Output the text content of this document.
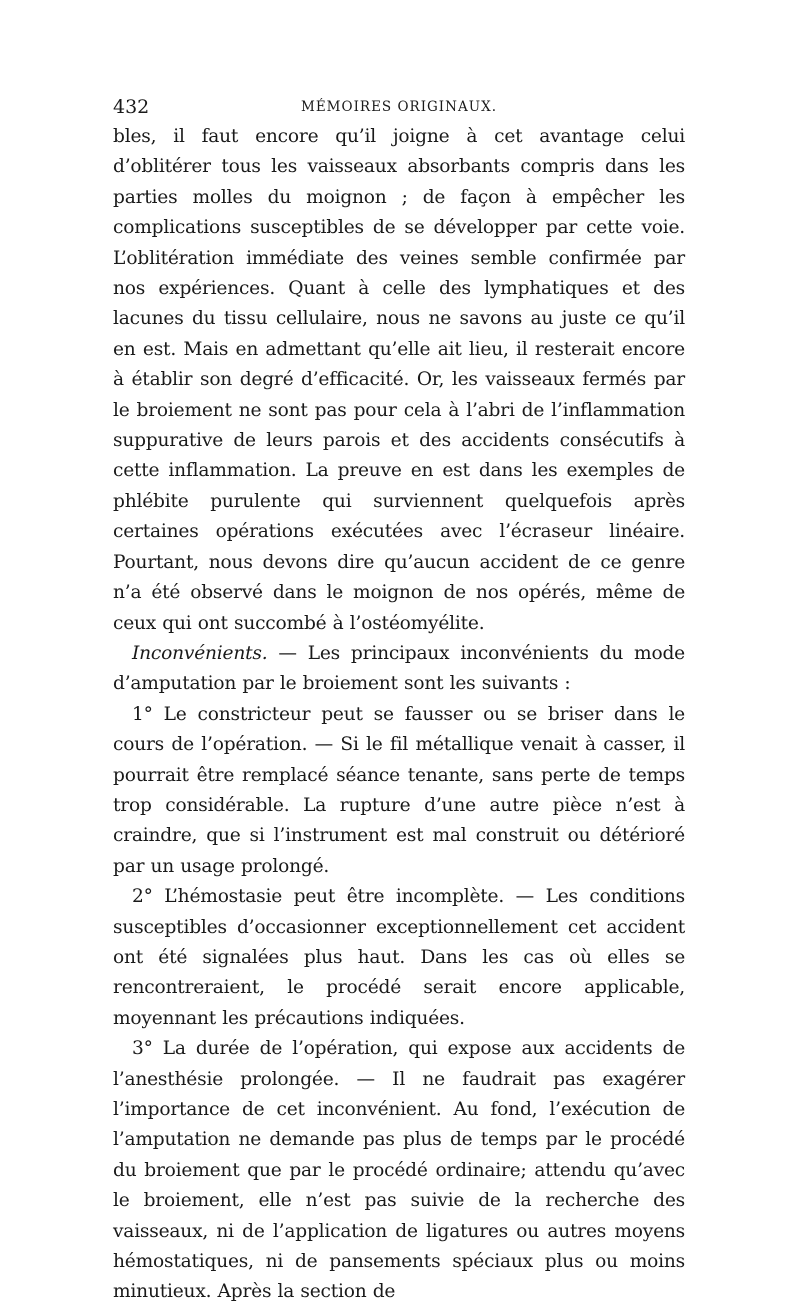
432	MÉMOIRES ORIGINAUX.

bles, il faut encore qu’il joigne à cet avantage celui d’oblitérer tous les vaisseaux absorbants compris dans les parties molles du moignon ; de façon à empêcher les complications susceptibles de se développer par cette voie. L’oblitération immédiate des veines semble confirmée par nos expériences. Quant à celle des lymphatiques et des lacunes du tissu cellulaire, nous ne savons au juste ce qu’il en est. Mais en admettant qu’elle ait lieu, il resterait encore à établir son degré d’efficacité. Or, les vaisseaux fermés par le broiement ne sont pas pour cela à l’abri de l’inflammation suppurative de leurs parois et des accidents consécutifs à cette inflammation. La preuve en est dans les exemples de phlébite purulente qui surviennent quelquefois après certaines opérations exécutées avec l’écraseur linéaire. Pourtant, nous devons dire qu’aucun accident de ce genre n’a été observé dans le moignon de nos opérés, même de ceux qui ont succombé à l’ostéomyélite.

Inconvénients. — Les principaux inconvénients du mode d’amputation par le broiement sont les suivants :

1° Le constricteur peut se fausser ou se briser dans le cours de l’opération. — Si le fil métallique venait à casser, il pourrait être remplacé séance tenante, sans perte de temps trop considérable. La rupture d’une autre pièce n’est à craindre, que si l’instrument est mal construit ou détérioré par un usage prolongé.

2° L’hémostasie peut être incomplète. — Les conditions susceptibles d’occasionner exceptionnellement cet accident ont été signalées plus haut. Dans les cas où elles se rencontreraient, le procédé serait encore applicable, moyennant les précautions indiquées.

3° La durée de l’opération, qui expose aux accidents de l’anesthésie prolongée. — Il ne faudrait pas exagérer l’importance de cet inconvénient. Au fond, l’exécution de l’amputation ne demande pas plus de temps par le procédé du broiement que par le procédé ordinaire; attendu qu’avec le broiement, elle n’est pas suivie de la recherche des vaisseaux, ni de l’application de ligatures ou autres moyens hémostatiques, ni de pansements spéciaux plus ou moins minutieux. Après la section de
